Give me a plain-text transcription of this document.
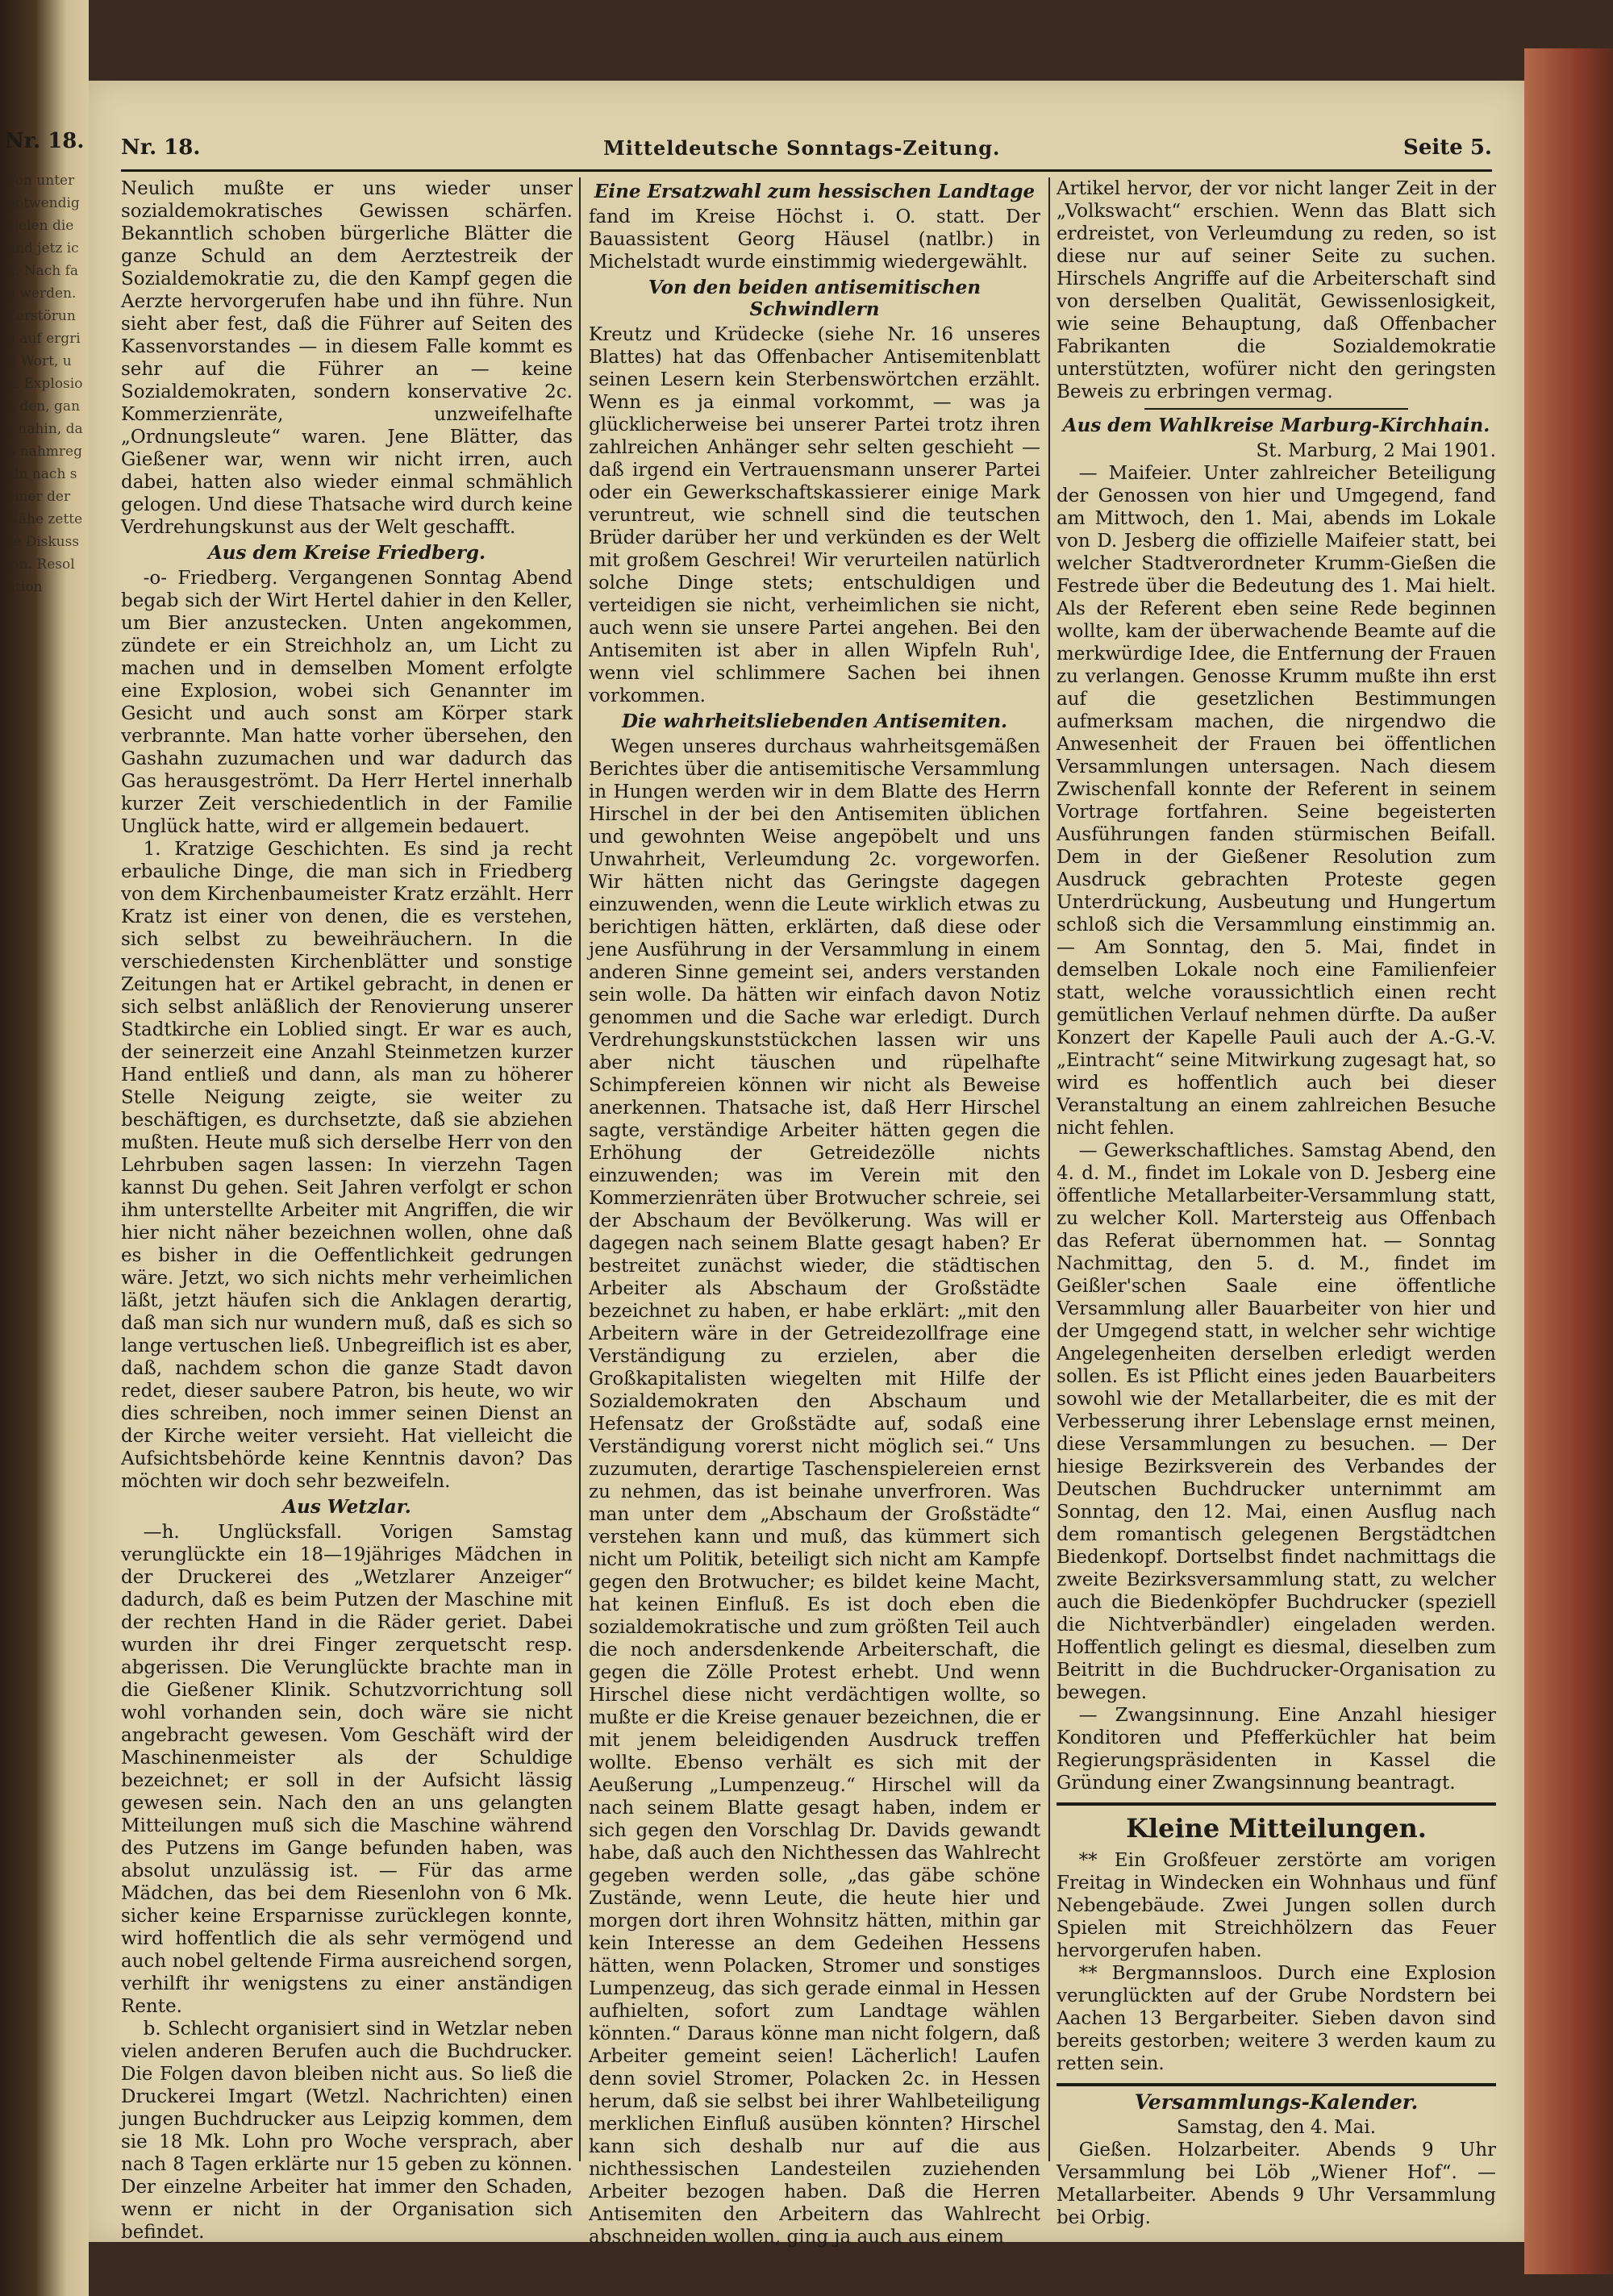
Nr. 18.
Von unter notwendig vielen die und jetz ich. Nach fan werden. Zerstörung auf ergriff Wort, um Explosion den, ganz nahin, daß nahmregeln nach seiner der Nähe zettere Diskussion. Resolution
Nr. 18.	Mitteldeutsche Sonntags-Zeitung.	Seite 5.

Neulich mußte er uns wieder unser sozialdemokratisches Gewissen schärfen. Bekanntlich schoben bürgerliche Blätter die ganze Schuld an dem Aerztestreik der Sozialdemokratie zu, die den Kampf gegen die Aerzte hervorgerufen habe und ihn führe. Nun sieht aber fest, daß die Führer auf Seiten des Kassenvorstandes — in diesem Falle kommt es sehr auf die Führer an — keine Sozialdemokraten, sondern konservative 2c. Kommerzienräte, unzweifelhafte „Ordnungsleute“ waren. Jene Blätter, das Gießener war, wenn wir nicht irren, auch dabei, hatten also wieder einmal schmählich gelogen. Und diese Thatsache wird durch keine Verdrehungskunst aus der Welt geschafft.

Aus dem Kreise Friedberg.

-o- Friedberg. Vergangenen Sonntag Abend begab sich der Wirt Hertel dahier in den Keller, um Bier anzustecken. Unten angekommen, zündete er ein Streichholz an, um Licht zu machen und in demselben Moment erfolgte eine Explosion, wobei sich Genannter im Gesicht und auch sonst am Körper stark verbrannte. Man hatte vorher übersehen, den Gashahn zuzumachen und war dadurch das Gas herausgeströmt. Da Herr Hertel innerhalb kurzer Zeit verschiedentlich in der Familie Unglück hatte, wird er allgemein bedauert.

1. Kratzige Geschichten. Es sind ja recht erbauliche Dinge, die man sich in Friedberg von dem Kirchenbaumeister Kratz erzählt. Herr Kratz ist einer von denen, die es verstehen, sich selbst zu beweihräuchern. In die verschiedensten Kirchenblätter und sonstige Zeitungen hat er Artikel gebracht, in denen er sich selbst anläßlich der Renovierung unserer Stadtkirche ein Loblied singt. Er war es auch, der seinerzeit eine Anzahl Steinmetzen kurzer Hand entließ und dann, als man zu höherer Stelle Neigung zeigte, sie weiter zu beschäftigen, es durchsetzte, daß sie abziehen mußten. Heute muß sich derselbe Herr von den Lehrbuben sagen lassen: In vierzehn Tagen kannst Du gehen. Seit Jahren verfolgt er schon ihm unterstellte Arbeiter mit Angriffen, die wir hier nicht näher bezeichnen wollen, ohne daß es bisher in die Oeffentlichkeit gedrungen wäre. Jetzt, wo sich nichts mehr verheimlichen läßt, jetzt häufen sich die Anklagen derartig, daß man sich nur wundern muß, daß es sich so lange vertuschen ließ. Unbegreiflich ist es aber, daß, nachdem schon die ganze Stadt davon redet, dieser saubere Patron, bis heute, wo wir dies schreiben, noch immer seinen Dienst an der Kirche weiter versieht. Hat vielleicht die Aufsichtsbehörde keine Kenntnis davon? Das möchten wir doch sehr bezweifeln.

Aus Wetzlar.

—h. Unglücksfall. Vorigen Samstag verunglückte ein 18—19jähriges Mädchen in der Druckerei des „Wetzlarer Anzeiger“ dadurch, daß es beim Putzen der Maschine mit der rechten Hand in die Räder geriet. Dabei wurden ihr drei Finger zerquetscht resp. abgerissen. Die Verunglückte brachte man in die Gießener Klinik. Schutzvorrichtung soll wohl vorhanden sein, doch wäre sie nicht angebracht gewesen. Vom Geschäft wird der Maschinenmeister als der Schuldige bezeichnet; er soll in der Aufsicht lässig gewesen sein. Nach den an uns gelangten Mitteilungen muß sich die Maschine während des Putzens im Gange befunden haben, was absolut unzulässig ist. — Für das arme Mädchen, das bei dem Riesenlohn von 6 Mk. sicher keine Ersparnisse zurücklegen konnte, wird hoffentlich die als sehr vermögend und auch nobel geltende Firma ausreichend sorgen, verhilft ihr wenigstens zu einer anständigen Rente.

b. Schlecht organisiert sind in Wetzlar neben vielen anderen Berufen auch die Buchdrucker. Die Folgen davon bleiben nicht aus. So ließ die Druckerei Imgart (Wetzl. Nachrichten) einen jungen Buchdrucker aus Leipzig kommen, dem sie 18 Mk. Lohn pro Woche versprach, aber nach 8 Tagen erklärte nur 15 geben zu können. Der einzelne Arbeiter hat immer den Schaden, wenn er nicht in der Organisation sich befindet.

Eine Ersatzwahl zum hessischen Landtage

fand im Kreise Höchst i. O. statt. Der Bauassistent Georg Häusel (natlbr.) in Michelstadt wurde einstimmig wiedergewählt.

Von den beiden antisemitischen Schwindlern

Kreutz und Krüdecke (siehe Nr. 16 unseres Blattes) hat das Offenbacher Antisemitenblatt seinen Lesern kein Sterbenswörtchen erzählt. Wenn es ja einmal vorkommt, — was ja glücklicherweise bei unserer Partei trotz ihren zahlreichen Anhänger sehr selten geschieht — daß irgend ein Vertrauensmann unserer Partei oder ein Gewerkschaftskassierer einige Mark veruntreut, wie schnell sind die teutschen Brüder darüber her und verkünden es der Welt mit großem Geschrei! Wir verurteilen natürlich solche Dinge stets; entschuldigen und verteidigen sie nicht, verheimlichen sie nicht, auch wenn sie unsere Partei angehen. Bei den Antisemiten ist aber in allen Wipfeln Ruh', wenn viel schlimmere Sachen bei ihnen vorkommen.

Die wahrheitsliebenden Antisemiten.

Wegen unseres durchaus wahrheitsgemäßen Berichtes über die antisemitische Versammlung in Hungen werden wir in dem Blatte des Herrn Hirschel in der bei den Antisemiten üblichen und gewohnten Weise angepöbelt und uns Unwahrheit, Verleumdung 2c. vorgeworfen. Wir hätten nicht das Geringste dagegen einzuwenden, wenn die Leute wirklich etwas zu berichtigen hätten, erklärten, daß diese oder jene Ausführung in der Versammlung in einem anderen Sinne gemeint sei, anders verstanden sein wolle. Da hätten wir einfach davon Notiz genommen und die Sache war erledigt. Durch Verdrehungskunststückchen lassen wir uns aber nicht täuschen und rüpelhafte Schimpfereien können wir nicht als Beweise anerkennen. Thatsache ist, daß Herr Hirschel sagte, verständige Arbeiter hätten gegen die Erhöhung der Getreidezölle nichts einzuwenden; was im Verein mit den Kommerzienräten über Brotwucher schreie, sei der Abschaum der Bevölkerung. Was will er dagegen nach seinem Blatte gesagt haben? Er bestreitet zunächst wieder, die städtischen Arbeiter als Abschaum der Großstädte bezeichnet zu haben, er habe erklärt: „mit den Arbeitern wäre in der Getreidezollfrage eine Verständigung zu erzielen, aber die Großkapitalisten wiegelten mit Hilfe der Sozialdemokraten den Abschaum und Hefensatz der Großstädte auf, sodaß eine Verständigung vorerst nicht möglich sei.“ Uns zuzumuten, derartige Taschenspielereien ernst zu nehmen, das ist beinahe unverfroren. Was man unter dem „Abschaum der Großstädte“ verstehen kann und muß, das kümmert sich nicht um Politik, beteiligt sich nicht am Kampfe gegen den Brotwucher; es bildet keine Macht, hat keinen Einfluß. Es ist doch eben die sozialdemokratische und zum größten Teil auch die noch andersdenkende Arbeiterschaft, die gegen die Zölle Protest erhebt. Und wenn Hirschel diese nicht verdächtigen wollte, so mußte er die Kreise genauer bezeichnen, die er mit jenem beleidigenden Ausdruck treffen wollte. Ebenso verhält es sich mit der Aeußerung „Lumpenzeug.“ Hirschel will da nach seinem Blatte gesagt haben, indem er sich gegen den Vorschlag Dr. Davids gewandt habe, daß auch den Nichthessen das Wahlrecht gegeben werden solle, „das gäbe schöne Zustände, wenn Leute, die heute hier und morgen dort ihren Wohnsitz hätten, mithin gar kein Interesse an dem Gedeihen Hessens hätten, wenn Polacken, Stromer und sonstiges Lumpenzeug, das sich gerade einmal in Hessen aufhielten, sofort zum Landtage wählen könnten.“ Daraus könne man nicht folgern, daß Arbeiter gemeint seien! Lächerlich! Laufen denn soviel Stromer, Polacken 2c. in Hessen herum, daß sie selbst bei ihrer Wahlbeteiligung merklichen Einfluß ausüben könnten? Hirschel kann sich deshalb nur auf die aus nichthessischen Landesteilen zuziehenden Arbeiter bezogen haben. Daß die Herren Antisemiten den Arbeitern das Wahlrecht abschneiden wollen, ging ja auch aus einem

Artikel hervor, der vor nicht langer Zeit in der „Volkswacht“ erschien. Wenn das Blatt sich erdreistet, von Verleumdung zu reden, so ist diese nur auf seiner Seite zu suchen. Hirschels Angriffe auf die Arbeiterschaft sind von derselben Qualität, Gewissenlosigkeit, wie seine Behauptung, daß Offenbacher Fabrikanten die Sozialdemokratie unterstützten, wofürer nicht den geringsten Beweis zu erbringen vermag.

Aus dem Wahlkreise Marburg-Kirchhain.

St. Marburg, 2 Mai 1901.

— Maifeier. Unter zahlreicher Beteiligung der Genossen von hier und Umgegend, fand am Mittwoch, den 1. Mai, abends im Lokale von D. Jesberg die offizielle Maifeier statt, bei welcher Stadtverordneter Krumm-Gießen die Festrede über die Bedeutung des 1. Mai hielt. Als der Referent eben seine Rede beginnen wollte, kam der überwachende Beamte auf die merkwürdige Idee, die Entfernung der Frauen zu verlangen. Genosse Krumm mußte ihn erst auf die gesetzlichen Bestimmungen aufmerksam machen, die nirgendwo die Anwesenheit der Frauen bei öffentlichen Versammlungen untersagen. Nach diesem Zwischenfall konnte der Referent in seinem Vortrage fortfahren. Seine begeisterten Ausführungen fanden stürmischen Beifall. Dem in der Gießener Resolution zum Ausdruck gebrachten Proteste gegen Unterdrückung, Ausbeutung und Hungertum schloß sich die Versammlung einstimmig an. — Am Sonntag, den 5. Mai, findet in demselben Lokale noch eine Familienfeier statt, welche voraussichtlich einen recht gemütlichen Verlauf nehmen dürfte. Da außer Konzert der Kapelle Pauli auch der A.-G.-V. „Eintracht“ seine Mitwirkung zugesagt hat, so wird es hoffentlich auch bei dieser Veranstaltung an einem zahlreichen Besuche nicht fehlen.

— Gewerkschaftliches. Samstag Abend, den 4. d. M., findet im Lokale von D. Jesberg eine öffentliche Metallarbeiter-Versammlung statt, zu welcher Koll. Martersteig aus Offenbach das Referat übernommen hat. — Sonntag Nachmittag, den 5. d. M., findet im Geißler'schen Saale eine öffentliche Versammlung aller Bauarbeiter von hier und der Umgegend statt, in welcher sehr wichtige Angelegenheiten derselben erledigt werden sollen. Es ist Pflicht eines jeden Bauarbeiters sowohl wie der Metallarbeiter, die es mit der Verbesserung ihrer Lebenslage ernst meinen, diese Versammlungen zu besuchen. — Der hiesige Bezirksverein des Verbandes der Deutschen Buchdrucker unternimmt am Sonntag, den 12. Mai, einen Ausflug nach dem romantisch gelegenen Bergstädtchen Biedenkopf. Dortselbst findet nachmittags die zweite Bezirksversammlung statt, zu welcher auch die Biedenköpfer Buchdrucker (speziell die Nichtverbändler) eingeladen werden. Hoffentlich gelingt es diesmal, dieselben zum Beitritt in die Buchdrucker-Organisation zu bewegen.

— Zwangsinnung. Eine Anzahl hiesiger Konditoren und Pfefferküchler hat beim Regierungspräsidenten in Kassel die Gründung einer Zwangsinnung beantragt.

Kleine Mitteilungen.

** Ein Großfeuer zerstörte am vorigen Freitag in Windecken ein Wohnhaus und fünf Nebengebäude. Zwei Jungen sollen durch Spielen mit Streichhölzern das Feuer hervorgerufen haben.

** Bergmannsloos. Durch eine Explosion verunglückten auf der Grube Nordstern bei Aachen 13 Bergarbeiter. Sieben davon sind bereits gestorben; weitere 3 werden kaum zu retten sein.

Versammlungs-Kalender.

Samstag, den 4. Mai.

Gießen. Holzarbeiter. Abends 9 Uhr Versammlung bei Löb „Wiener Hof“. — Metallarbeiter. Abends 9 Uhr Versammlung bei Orbig.
